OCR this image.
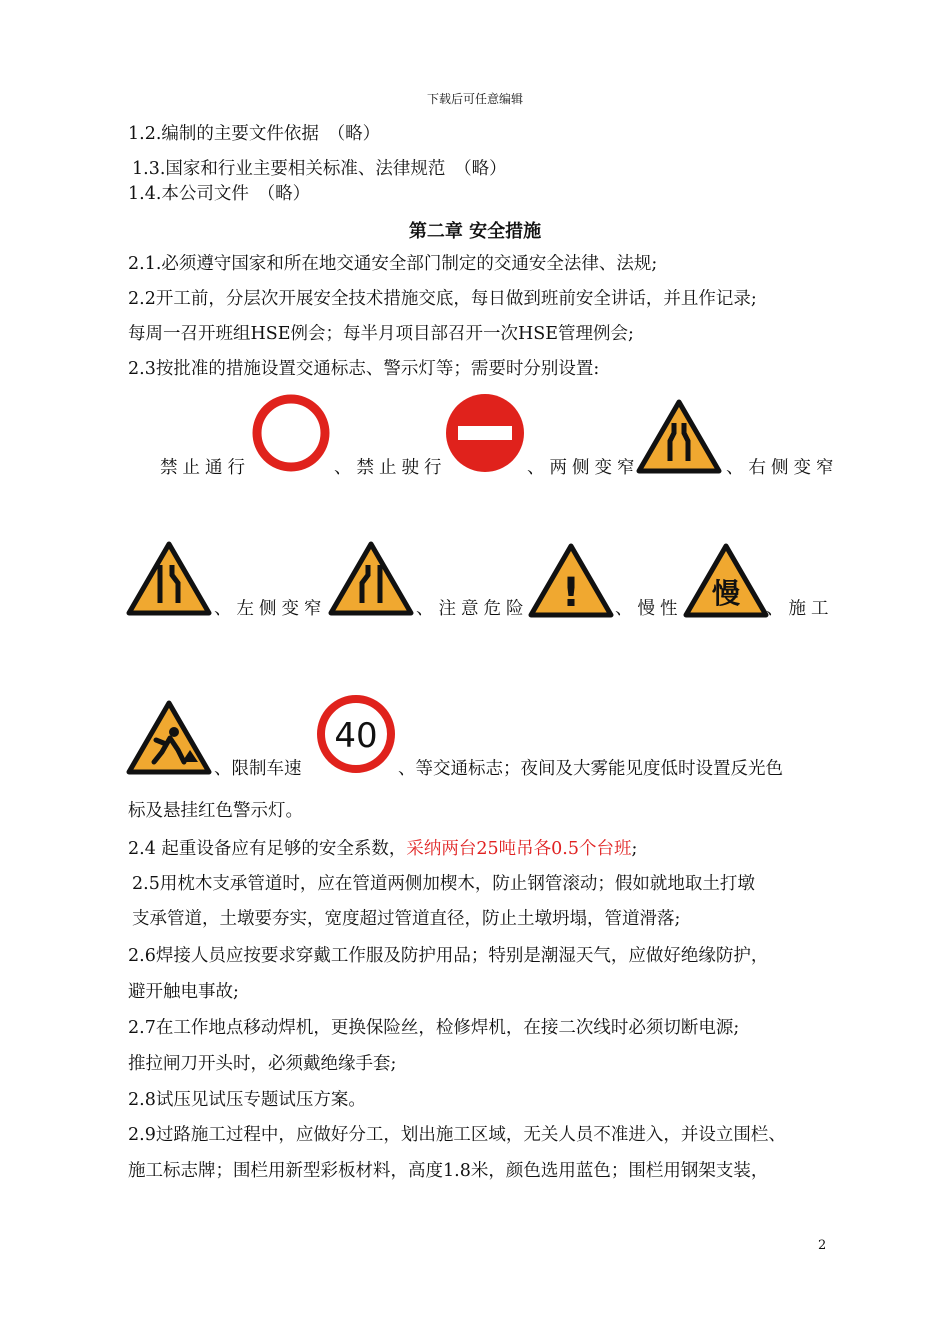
下载后可任意编辑
1.2.编制的主要文件依据　（略）
1.3.国家和行业主要相关标准、法律规范　（略）
1.4.本公司文件　（略）
第二章 安全措施
2.1.必须遵守国家和所在地交通安全部门制定的交通安全法律、法规;
2.2开工前，分层次开展安全技术措施交底，每日做到班前安全讲话，并且作记录;
每周一召开班组HSE例会；每半月项目部召开一次HSE管理例会;
2.3按批准的措施设置交通标志、警示灯等；需要时分别设置:
禁止通行	、禁止驶行	、两侧变窄	、右侧变窄
、左侧变窄	、注意危险 ! 、慢性 慢 、施工
、限制车速
40
、等交通标志；夜间及大雾能见度低时设置反光色
标及悬挂红色警示灯。
2.4 起重设备应有足够的安全系数，采纳两台25吨吊各0.5个台班;
2.5用枕木支承管道时，应在管道两侧加楔木，防止钢管滚动；假如就地取土打墩
支承管道，土墩要夯实，宽度超过管道直径，防止土墩坍塌，管道滑落;
2.6焊接人员应按要求穿戴工作服及防护用品；特别是潮湿天气，应做好绝缘防护，
避开触电事故;
2.7在工作地点移动焊机，更换保险丝，检修焊机，在接二次线时必须切断电源;
推拉闸刀开头时，必须戴绝缘手套;
2.8试压见试压专题试压方案。
2.9过路施工过程中，应做好分工，划出施工区域，无关人员不准进入，并设立围栏、
施工标志牌；围栏用新型彩板材料，高度1.8米，颜色选用蓝色；围栏用钢架支装，
2
